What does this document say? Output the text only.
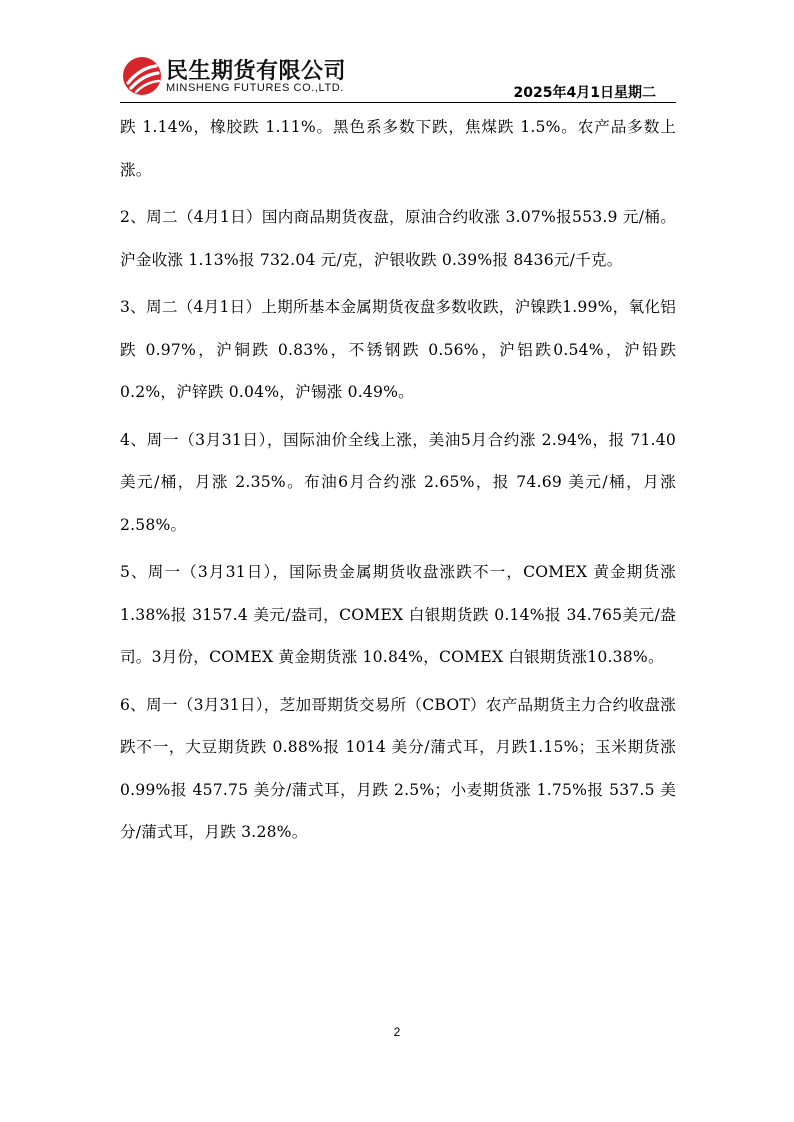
民生期货有限公司
MINSHENG FUTURES CO.,LTD.	2025年4月1日星期二

跌 1.14%，橡胶跌 1.11%。黑色系多数下跌，焦煤跌 1.5%。农产品多数上涨。

2、周二（4月1日）国内商品期货夜盘，原油合约收涨 3.07%报553.9 元/桶。沪金收涨 1.13%报 732.04 元/克，沪银收跌 0.39%报 8436元/千克。

3、周二（4月1日）上期所基本金属期货夜盘多数收跌，沪镍跌1.99%，氧化铝跌 0.97%，沪铜跌 0.83%，不锈钢跌 0.56%，沪铝跌0.54%，沪铅跌 0.2%，沪锌跌 0.04%，沪锡涨 0.49%。

4、周一（3月31日），国际油价全线上涨，美油5月合约涨 2.94%，报 71.40 美元/桶，月涨 2.35%。布油6月合约涨 2.65%，报 74.69 美元/桶，月涨 2.58%。

5、周一（3月31日），国际贵金属期货收盘涨跌不一，COMEX 黄金期货涨 1.38%报 3157.4 美元/盎司，COMEX 白银期货跌 0.14%报 34.765美元/盎司。3月份，COMEX 黄金期货涨 10.84%，COMEX 白银期货涨10.38%。

6、周一（3月31日），芝加哥期货交易所（CBOT）农产品期货主力合约收盘涨跌不一，大豆期货跌 0.88%报 1014 美分/蒲式耳，月跌1.15%；玉米期货涨 0.99%报 457.75 美分/蒲式耳，月跌 2.5%；小麦期货涨 1.75%报 537.5 美分/蒲式耳，月跌 3.28%。

2
